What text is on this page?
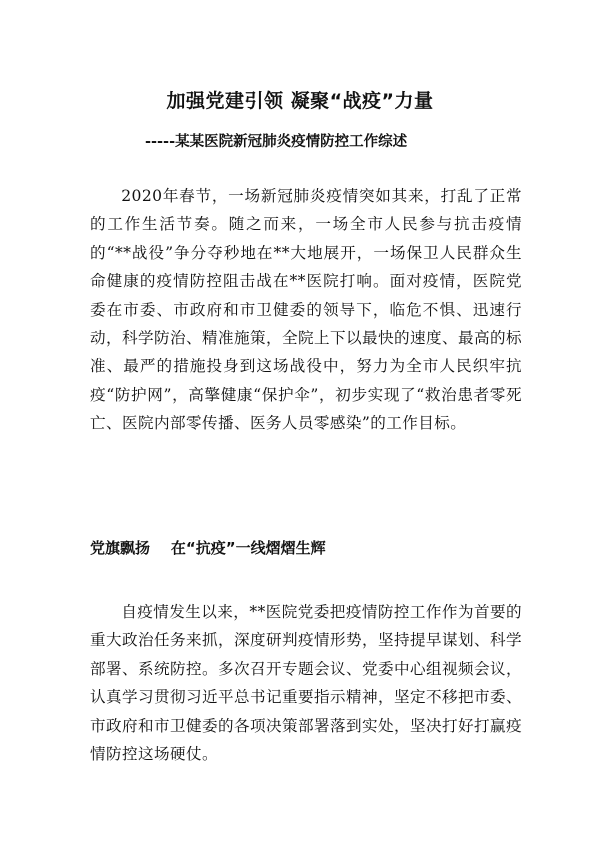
加强党建引领 凝聚“战疫”力量
-----某某医院新冠肺炎疫情防控工作综述

2020年春节，一场新冠肺炎疫情突如其来，打乱了正常的工作生活节奏。随之而来，一场全市人民参与抗击疫情的“**战役”争分夺秒地在**大地展开，一场保卫人民群众生命健康的疫情防控阻击战在**医院打响。面对疫情，医院党委在市委、市政府和市卫健委的领导下，临危不惧、迅速行动，科学防治、精准施策，全院上下以最快的速度、最高的标准、最严的措施投身到这场战役中，努力为全市人民织牢抗疫“防护网”，高擎健康“保护伞”，初步实现了“救治患者零死亡、医院内部零传播、医务人员零感染”的工作目标。

党旗飘扬    在“抗疫”一线熠熠生辉

自疫情发生以来，**医院党委把疫情防控工作作为首要的重大政治任务来抓，深度研判疫情形势，坚持提早谋划、科学部署、系统防控。多次召开专题会议、党委中心组视频会议，认真学习贯彻习近平总书记重要指示精神，坚定不移把市委、市政府和市卫健委的各项决策部署落到实处，坚决打好打赢疫情防控这场硬仗。
